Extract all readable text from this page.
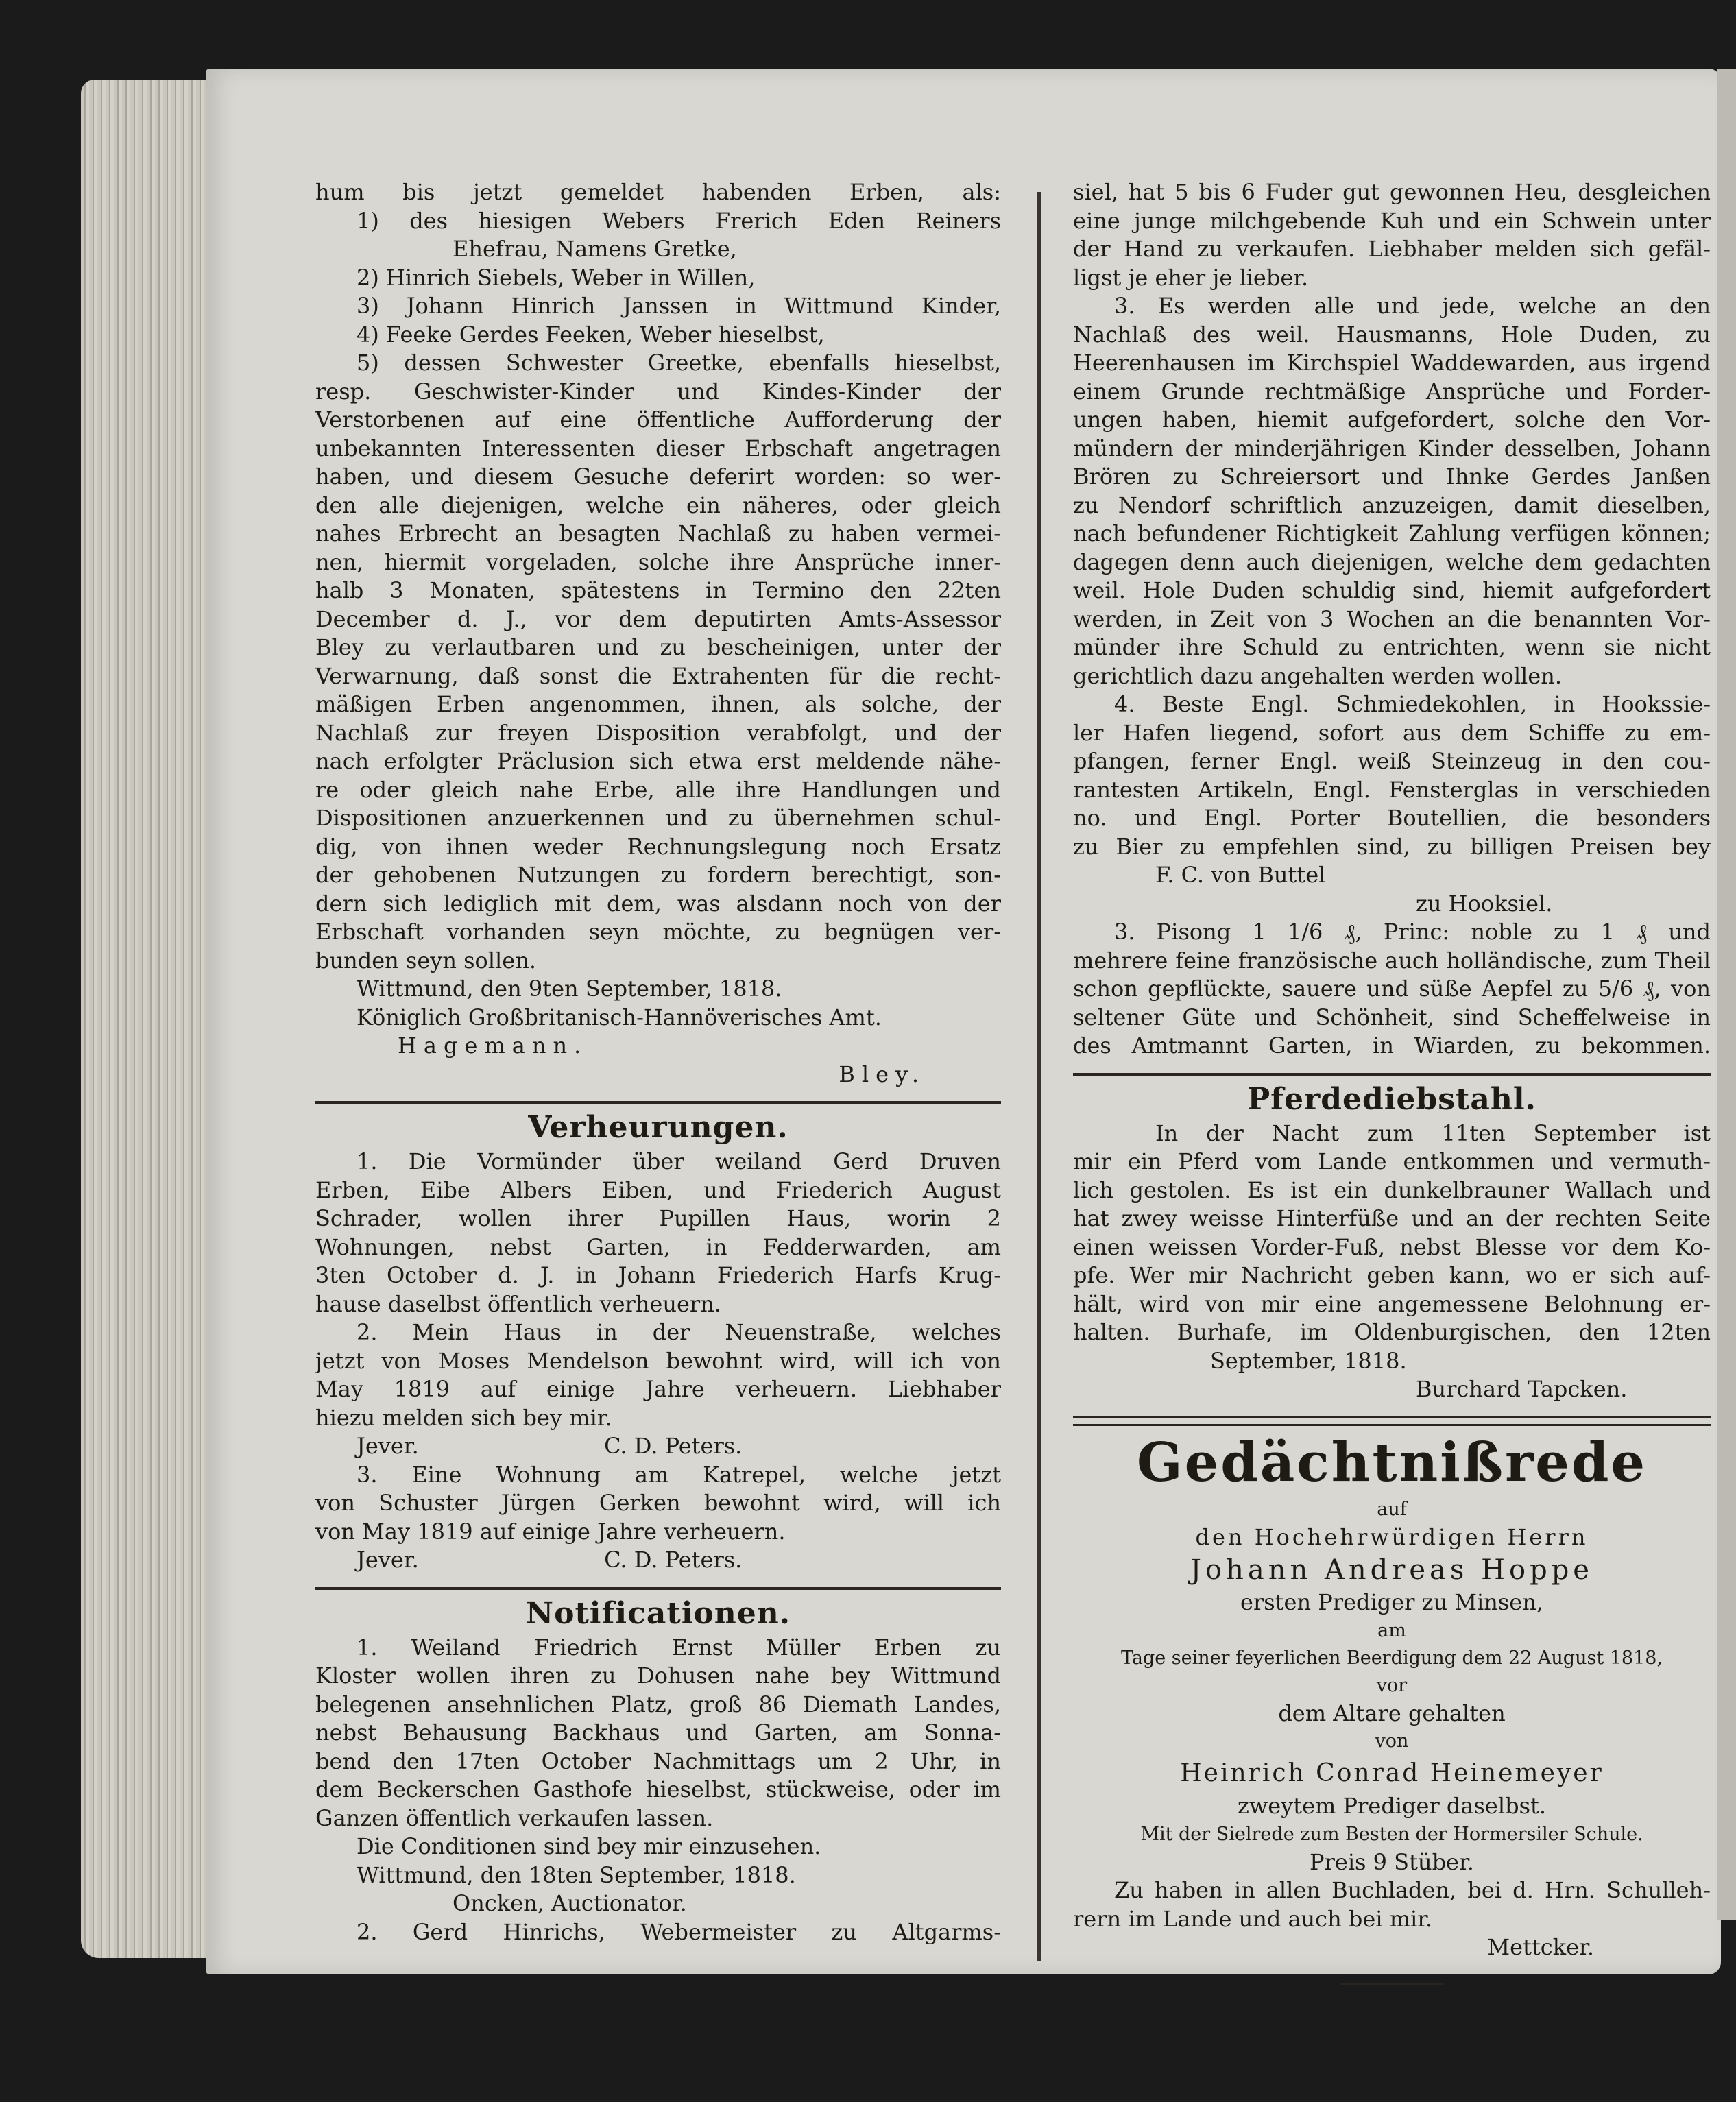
hum bis jetzt gemeldet habenden Erben, als:
1) des hiesigen Webers Frerich Eden Reiners
Ehefrau, Namens Gretke,
2) Hinrich Siebels, Weber in Willen,
3) Johann Hinrich Janssen in Wittmund Kinder,
4) Feeke Gerdes Feeken, Weber hieselbst,
5) dessen Schwester Greetke, ebenfalls hieselbst,
resp. Geschwister-Kinder und Kindes-Kinder der
Verstorbenen auf eine öffentliche Aufforderung der
unbekannten Interessenten dieser Erbschaft angetragen
haben, und diesem Gesuche deferirt worden: so wer-
den alle diejenigen, welche ein näheres, oder gleich
nahes Erbrecht an besagten Nachlaß zu haben vermei-
nen, hiermit vorgeladen, solche ihre Ansprüche inner-
halb 3 Monaten, spätestens in Termino den 22ten
December d. J., vor dem deputirten Amts-Assessor
Bley zu verlautbaren und zu bescheinigen, unter der
Verwarnung, daß sonst die Extrahenten für die recht-
mäßigen Erben angenommen, ihnen, als solche, der
Nachlaß zur freyen Disposition verabfolgt, und der
nach erfolgter Präclusion sich etwa erst meldende nähe-
re oder gleich nahe Erbe, alle ihre Handlungen und
Dispositionen anzuerkennen und zu übernehmen schul-
dig, von ihnen weder Rechnungslegung noch Ersatz
der gehobenen Nutzungen zu fordern berechtigt, son-
dern sich lediglich mit dem, was alsdann noch von der
Erbschaft vorhanden seyn möchte, zu begnügen ver-
bunden seyn sollen.
Wittmund, den 9ten September, 1818.
Königlich Großbritanisch-Hannöverisches Amt.
Hagemann.
Bley.
Verheurungen.
1. Die Vormünder über weiland Gerd Druven
Erben, Eibe Albers Eiben, und Friederich August
Schrader, wollen ihrer Pupillen Haus, worin 2
Wohnungen, nebst Garten, in Fedderwarden, am
3ten October d. J. in Johann Friederich Harfs Krug-
hause daselbst öffentlich verheuern.
2. Mein Haus in der Neuenstraße, welches
jetzt von Moses Mendelson bewohnt wird, will ich von
May 1819 auf einige Jahre verheuern. Liebhaber
hiezu melden sich bey mir.
Jever.	C. D. Peters.
3. Eine Wohnung am Katrepel, welche jetzt
von Schuster Jürgen Gerken bewohnt wird, will ich
von May 1819 auf einige Jahre verheuern.
Jever.	C. D. Peters.
Notificationen.
1. Weiland Friedrich Ernst Müller Erben zu
Kloster wollen ihren zu Dohusen nahe bey Wittmund
belegenen ansehnlichen Platz, groß 86 Diemath Landes,
nebst Behausung Backhaus und Garten, am Sonna-
bend den 17ten October Nachmittags um 2 Uhr, in
dem Beckerschen Gasthofe hieselbst, stückweise, oder im
Ganzen öffentlich verkaufen lassen.
Die Conditionen sind bey mir einzusehen.
Wittmund, den 18ten September, 1818.
Oncken, Auctionator.
2. Gerd Hinrichs, Webermeister zu Altgarms-
siel, hat 5 bis 6 Fuder gut gewonnen Heu, desgleichen
eine junge milchgebende Kuh und ein Schwein unter
der Hand zu verkaufen. Liebhaber melden sich gefäl-
ligst je eher je lieber.
3. Es werden alle und jede, welche an den
Nachlaß des weil. Hausmanns, Hole Duden, zu
Heerenhausen im Kirchspiel Waddewarden, aus irgend
einem Grunde rechtmäßige Ansprüche und Forder-
ungen haben, hiemit aufgefordert, solche den Vor-
mündern der minderjährigen Kinder desselben, Johann
Brören zu Schreiersort und Ihnke Gerdes Janßen
zu Nendorf schriftlich anzuzeigen, damit dieselben,
nach befundener Richtigkeit Zahlung verfügen können;
dagegen denn auch diejenigen, welche dem gedachten
weil. Hole Duden schuldig sind, hiemit aufgefordert
werden, in Zeit von 3 Wochen an die benannten Vor-
münder ihre Schuld zu entrichten, wenn sie nicht
gerichtlich dazu angehalten werden wollen.
4. Beste Engl. Schmiedekohlen, in Hookssie-
ler Hafen liegend, sofort aus dem Schiffe zu em-
pfangen, ferner Engl. weiß Steinzeug in den cou-
rantesten Artikeln, Engl. Fensterglas in verschieden
no. und Engl. Porter Boutellien, die besonders
zu Bier zu empfehlen sind, zu billigen Preisen bey
F. C. von Buttel
zu Hooksiel.
3. Pisong 1 1/6 ₰, Princ: noble zu 1 ₰ und
mehrere feine französische auch holländische, zum Theil
schon gepflückte, sauere und süße Aepfel zu 5/6 ₰, von
seltener Güte und Schönheit, sind Scheffelweise in
des Amtmannt Garten, in Wiarden, zu bekommen.
Pferdediebstahl.
In der Nacht zum 11ten September ist
mir ein Pferd vom Lande entkommen und vermuth-
lich gestolen. Es ist ein dunkelbrauner Wallach und
hat zwey weisse Hinterfüße und an der rechten Seite
einen weissen Vorder-Fuß, nebst Blesse vor dem Ko-
pfe. Wer mir Nachricht geben kann, wo er sich auf-
hält, wird von mir eine angemessene Belohnung er-
halten. Burhafe, im Oldenburgischen, den 12ten
September, 1818.
Burchard Tapcken.
Gedächtnißrede
auf
den Hochehrwürdigen Herrn
Johann Andreas Hoppe
ersten Prediger zu Minsen,
am
Tage seiner feyerlichen Beerdigung dem 22 August 1818,
vor
dem Altare gehalten
von
Heinrich Conrad Heinemeyer
zweytem Prediger daselbst.
Mit der Sielrede zum Besten der Hormersiler Schule.
Preis 9 Stüber.
Zu haben in allen Buchladen, bei d. Hrn. Schulleh-
rern im Lande und auch bei mir.
Mettcker.
